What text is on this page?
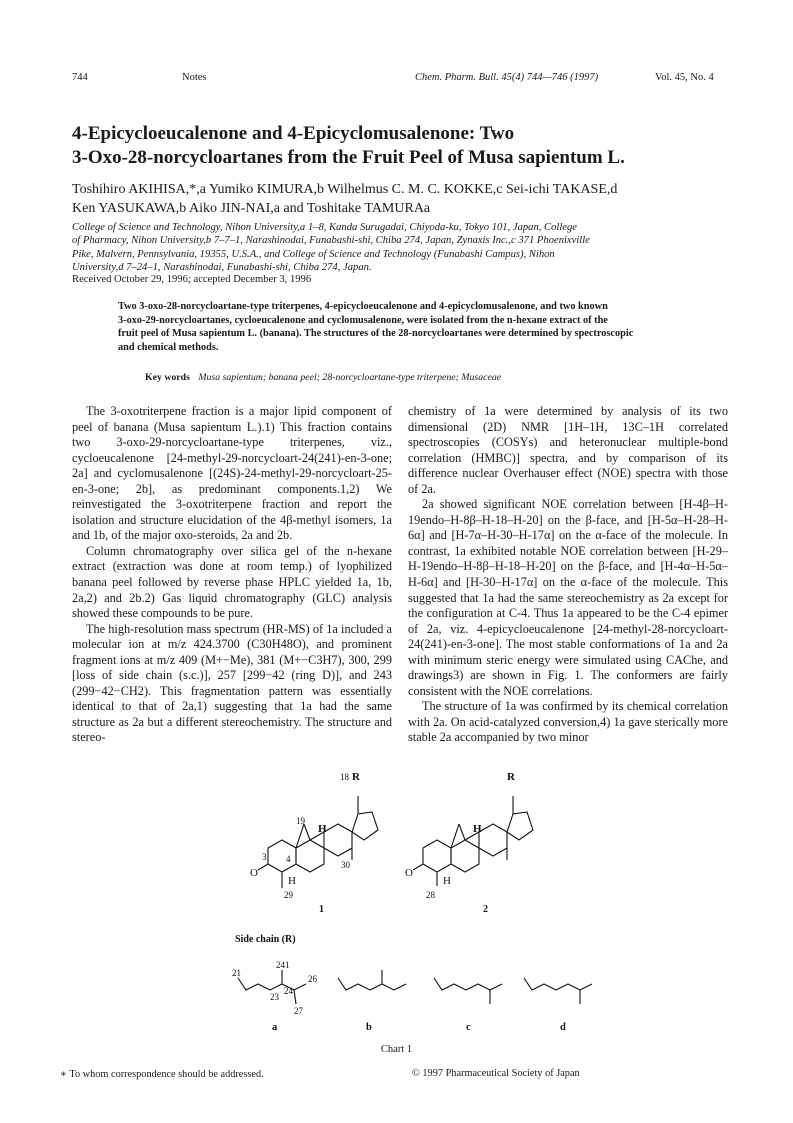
744	Notes	Chem. Pharm. Bull. 45(4) 744—746 (1997)	Vol. 45, No. 4
4-Epicycloeucalenone and 4-Epicyclomusalenone: Two
3-Oxo-28-norcycloartanes from the Fruit Peel of Musa sapientum L.
Toshihiro AKIHISA,*,a Yumiko KIMURA,b Wilhelmus C. M. C. KOKKE,c Sei-ichi TAKASE,d
Ken YASUKAWA,b Aiko JIN-NAI,a and Toshitake TAMURAa
College of Science and Technology, Nihon University,a 1–8, Kanda Surugadai, Chiyoda-ku, Tokyo 101, Japan, College
of Pharmacy, Nihon University,b 7–7–1, Narashinodai, Funabashi-shi, Chiba 274, Japan, Zynaxis Inc.,c 371 Phoenixville
Pike, Malvern, Pennsylvania, 19355, U.S.A., and College of Science and Technology (Funabashi Campus), Nihon
University,d 7–24–1, Narashinodai, Funabashi-shi, Chiba 274, Japan.
Received October 29, 1996; accepted December 3, 1996
Two 3-oxo-28-norcycloartane-type triterpenes, 4-epicycloeucalenone and 4-epicyclomusalenone, and two known
3-oxo-29-norcycloartanes, cycloeucalenone and cyclomusalenone, were isolated from the n-hexane extract of the
fruit peel of Musa sapientum L. (banana). The structures of the 28-norcycloartanes were determined by spectroscopic
and chemical methods.
Key words Musa sapientum; banana peel; 28-norcycloartane-type triterpene; Musaceae

The 3-oxotriterpene fraction is a major lipid component of peel of banana (Musa sapientum L.).1) This fraction contains two 3-oxo-29-norcycloartane-type triterpenes, viz., cycloeucalenone [24-methyl-29-norcycloart-24(241)-en-3-one; 2a] and cyclomusalenone [(24S)-24-methyl-29-norcycloart-25-en-3-one; 2b], as predominant components.1,2) We reinvestigated the 3-oxotriterpene fraction and report the isolation and structure elucidation of the 4β-methyl isomers, 1a and 1b, of the major oxo-steroids, 2a and 2b.

Column chromatography over silica gel of the n-hexane extract (extraction was done at room temp.) of lyophilized banana peel followed by reverse phase HPLC yielded 1a, 1b, 2a,2) and 2b.2) Gas liquid chromatography (GLC) analysis showed these compounds to be pure.

The high-resolution mass spectrum (HR-MS) of 1a included a molecular ion at m/z 424.3700 (C30H48O), and prominent fragment ions at m/z 409 (M+−Me), 381 (M+−C3H7), 300, 299 [loss of side chain (s.c.)], 257 [299−42 (ring D)], and 243 (299−42−CH2). This fragmentation pattern was essentially identical to that of 2a,1) suggesting that 1a had the same structure as 2a but a different stereochemistry. The structure and stereo-

chemistry of 1a were determined by analysis of its two dimensional (2D) NMR [1H–1H, 13C–1H correlated spectroscopies (COSYs) and heteronuclear multiple-bond correlation (HMBC)] spectra, and by comparison of its difference nuclear Overhauser effect (NOE) spectra with those of 2a.

2a showed significant NOE correlation between [H-4β–H-19endo–H-8β–H-18–H-20] on the β-face, and [H-5α–H-28–H-6α] and [H-7α–H-30–H-17α] on the α-face of the molecule. In contrast, 1a exhibited notable NOE correlation between [H-29–H-19endo–H-8β–H-18–H-20] on the β-face, and [H-4α–H-5α–H-6α] and [H-30–H-17α] on the α-face of the molecule. This suggested that 1a had the same stereochemistry as 2a except for the configuration at C-4. Thus 1a appeared to be the C-4 epimer of 2a, viz. 4-epicycloeucalenone [24-methyl-28-norcycloart-24(241)-en-3-one]. The most stable conformations of 1a and 2a with minimum steric energy were simulated using CAChe, and drawings3) are shown in Fig. 1. The conformers are fairly consistent with the NOE correlations.

The structure of 1a was confirmed by its chemical correlation with 2a. On acid-catalyzed conversion,4) 1a gave sterically more stable 2a accompanied by two minor

18 R
19
H
30
3 4
O
H
29
1
R
H
O
H
28
2
Side chain (R)
241
21
23
24
26
27
a	b	c	d
Chart 1
∗ To whom correspondence should be addressed.	© 1997 Pharmaceutical Society of Japan
